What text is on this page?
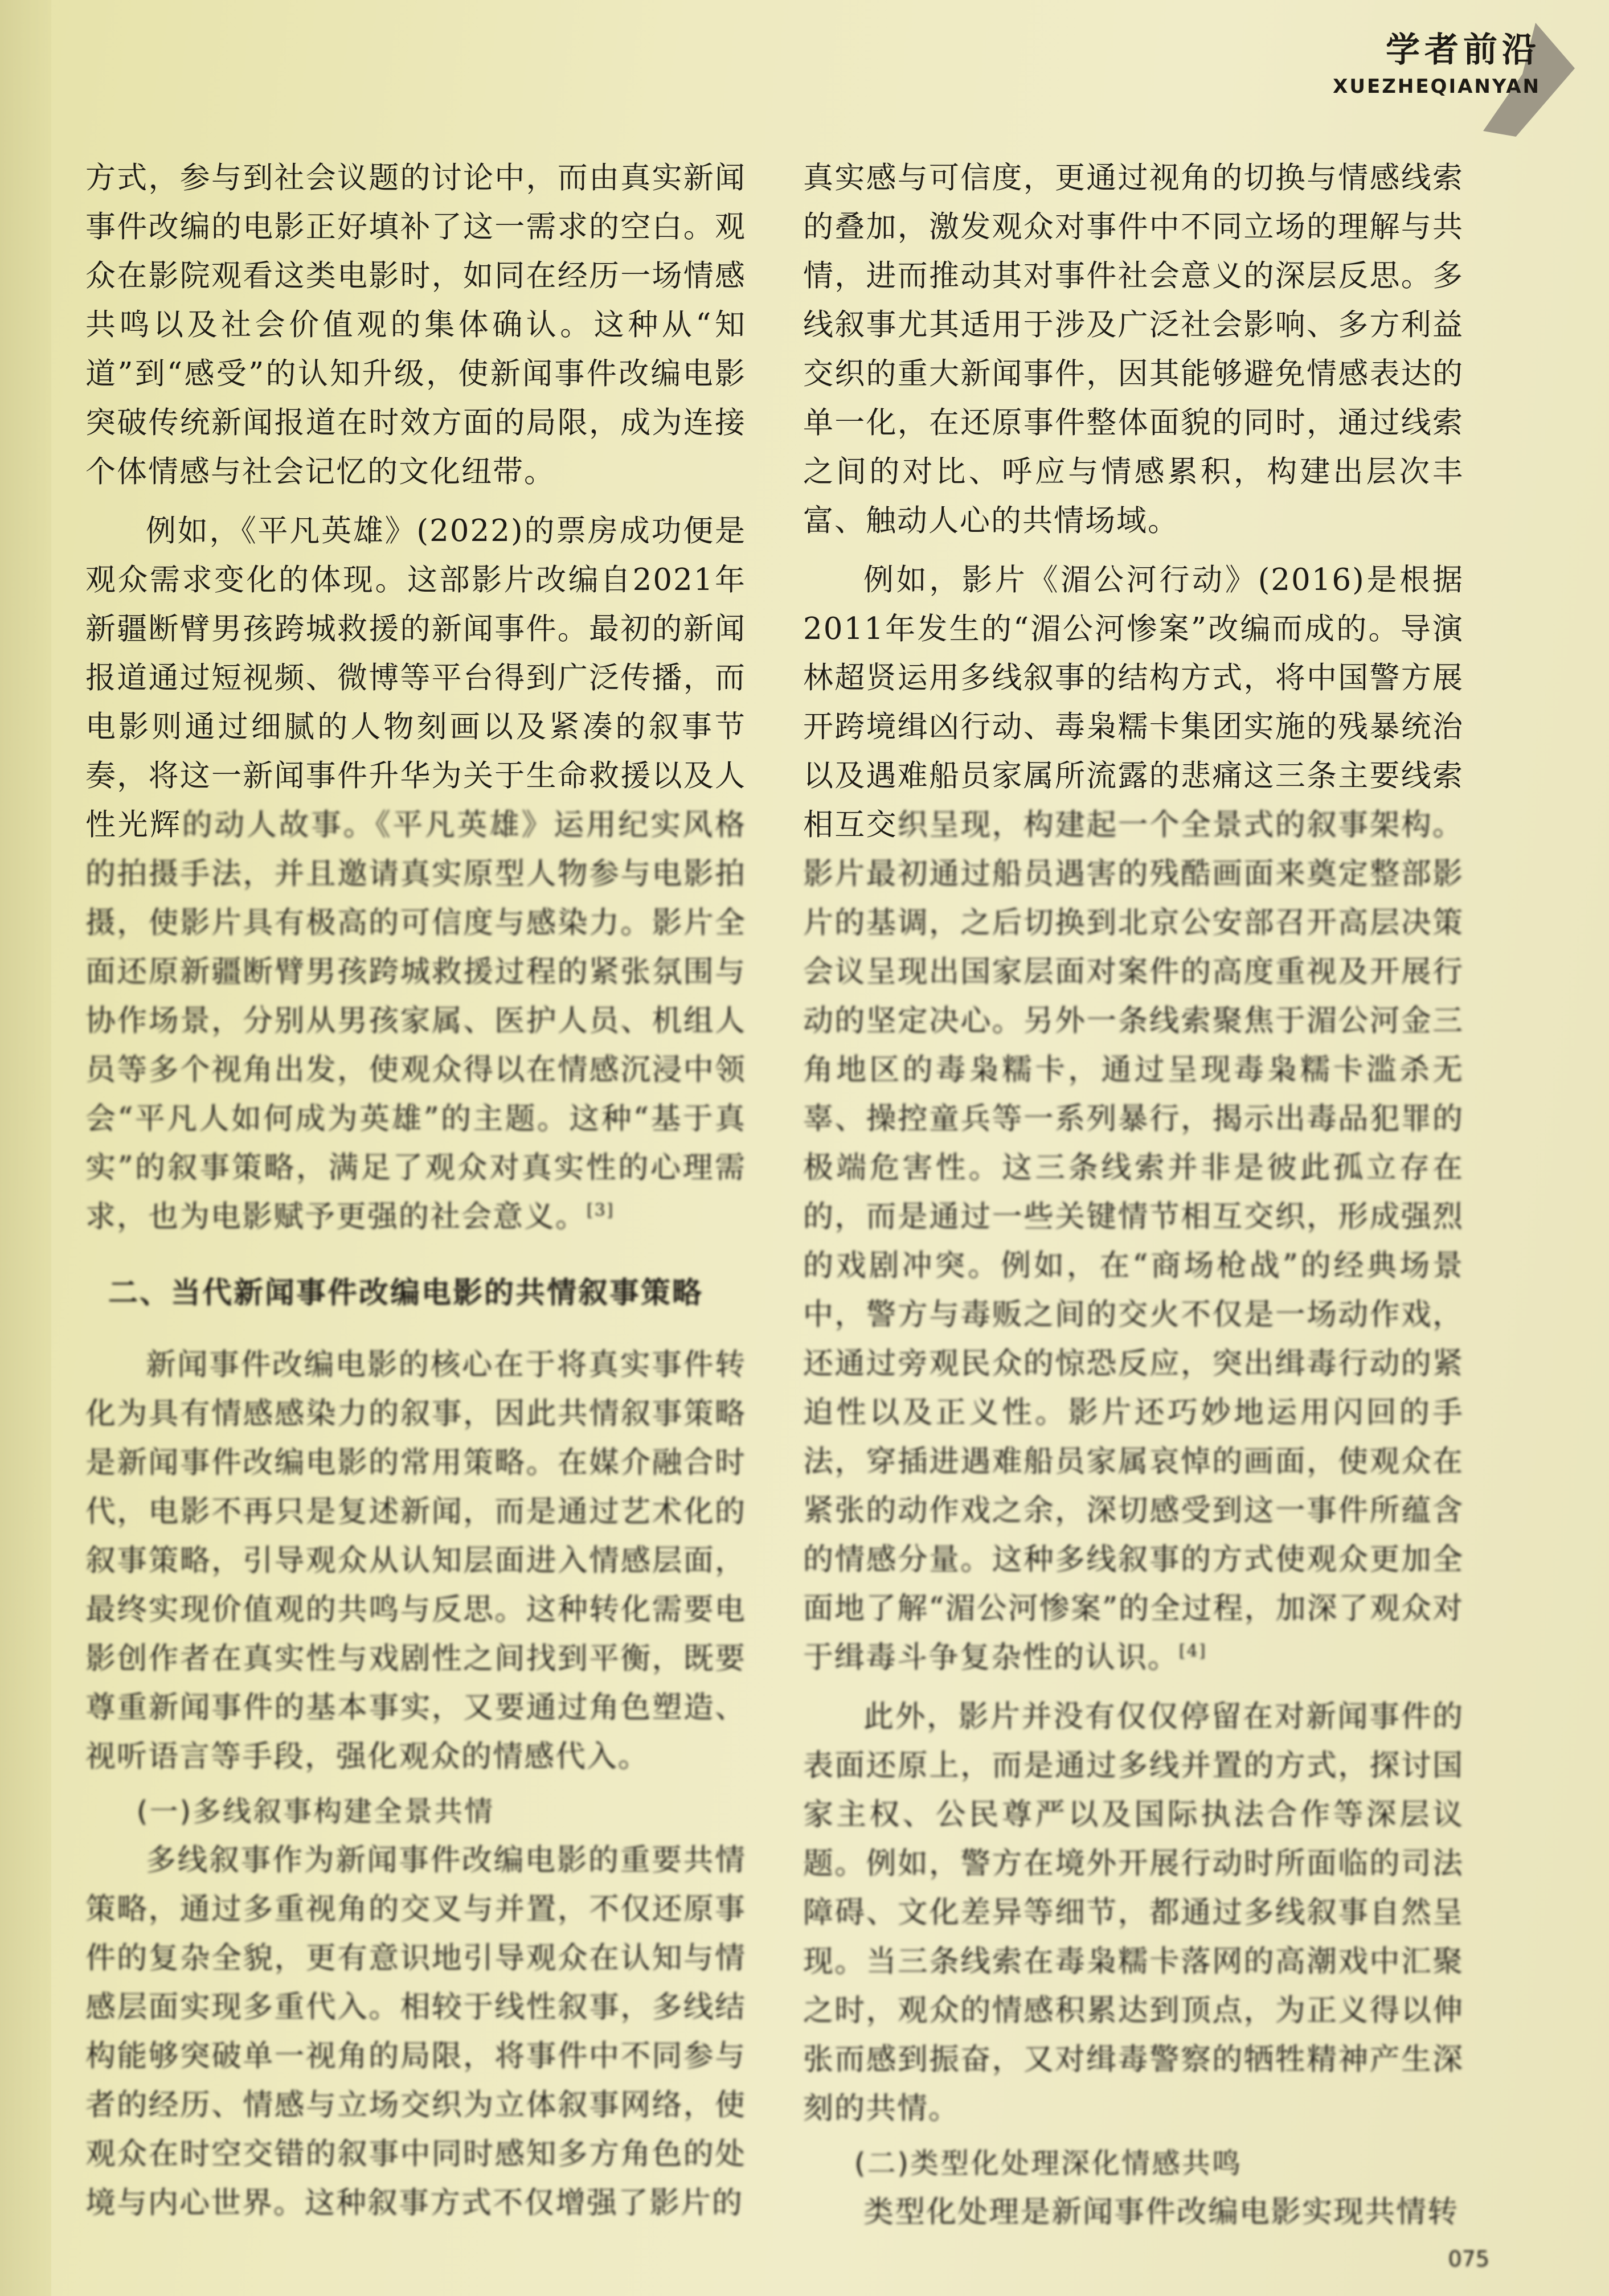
学者前沿
XUEZHEQIANYAN

方式，参与到社会议题的讨论中，而由真实新闻事件改编的电影正好填补了这一需求的空白。观众在影院观看这类电影时，如同在经历一场情感共鸣以及社会价值观的集体确认。这种从“知道”到“感受”的认知升级，使新闻事件改编电影突破传统新闻报道在时效方面的局限，成为连接个体情感与社会记忆的文化纽带。

例如，《平凡英雄》(2022)的票房成功便是观众需求变化的体现。这部影片改编自2021年新疆断臂男孩跨城救援的新闻事件。最初的新闻报道通过短视频、微博等平台得到广泛传播，而电影则通过细腻的人物刻画以及紧凑的叙事节奏，将这一新闻事件升华为关于生命救援以及人性光辉的动人故事。《平凡英雄》运用纪实风格的拍摄手法，并且邀请真实原型人物参与电影拍摄，使影片具有极高的可信度与感染力。影片全面还原新疆断臂男孩跨城救援过程的紧张氛围与协作场景，分别从男孩家属、医护人员、机组人员等多个视角出发，使观众得以在情感沉浸中领会“平凡人如何成为英雄”的主题。这种“基于真实”的叙事策略，满足了观众对真实性的心理需求，也为电影赋予更强的社会意义。[3]

二、当代新闻事件改编电影的共情叙事策略

新闻事件改编电影的核心在于将真实事件转化为具有情感感染力的叙事，因此共情叙事策略是新闻事件改编电影的常用策略。在媒介融合时代，电影不再只是复述新闻，而是通过艺术化的叙事策略，引导观众从认知层面进入情感层面，最终实现价值观的共鸣与反思。这种转化需要电影创作者在真实性与戏剧性之间找到平衡，既要尊重新闻事件的基本事实，又要通过角色塑造、视听语言等手段，强化观众的情感代入。

(一)多线叙事构建全景共情

多线叙事作为新闻事件改编电影的重要共情策略，通过多重视角的交叉与并置，不仅还原事件的复杂全貌，更有意识地引导观众在认知与情感层面实现多重代入。相较于线性叙事，多线结构能够突破单一视角的局限，将事件中不同参与者的经历、情感与立场交织为立体叙事网络，使观众在时空交错的叙事中同时感知多方角色的处境与内心世界。这种叙事方式不仅增强了影片的

真实感与可信度，更通过视角的切换与情感线索的叠加，激发观众对事件中不同立场的理解与共情，进而推动其对事件社会意义的深层反思。多线叙事尤其适用于涉及广泛社会影响、多方利益交织的重大新闻事件，因其能够避免情感表达的单一化，在还原事件整体面貌的同时，通过线索之间的对比、呼应与情感累积，构建出层次丰富、触动人心的共情场域。

例如，影片《湄公河行动》(2016)是根据2011年发生的“湄公河惨案”改编而成的。导演林超贤运用多线叙事的结构方式，将中国警方展开跨境缉凶行动、毒枭糯卡集团实施的残暴统治以及遇难船员家属所流露的悲痛这三条主要线索相互交织呈现，构建起一个全景式的叙事架构。影片最初通过船员遇害的残酷画面来奠定整部影片的基调，之后切换到北京公安部召开高层决策会议呈现出国家层面对案件的高度重视及开展行动的坚定决心。另外一条线索聚焦于湄公河金三角地区的毒枭糯卡，通过呈现毒枭糯卡滥杀无辜、操控童兵等一系列暴行，揭示出毒品犯罪的极端危害性。这三条线索并非是彼此孤立存在的，而是通过一些关键情节相互交织，形成强烈的戏剧冲突。例如，在“商场枪战”的经典场景中，警方与毒贩之间的交火不仅是一场动作戏，还通过旁观民众的惊恐反应，突出缉毒行动的紧迫性以及正义性。影片还巧妙地运用闪回的手法，穿插进遇难船员家属哀悼的画面，使观众在紧张的动作戏之余，深切感受到这一事件所蕴含的情感分量。这种多线叙事的方式使观众更加全面地了解“湄公河惨案”的全过程，加深了观众对于缉毒斗争复杂性的认识。[4]

此外，影片并没有仅仅停留在对新闻事件的表面还原上，而是通过多线并置的方式，探讨国家主权、公民尊严以及国际执法合作等深层议题。例如，警方在境外开展行动时所面临的司法障碍、文化差异等细节，都通过多线叙事自然呈现。当三条线索在毒枭糯卡落网的高潮戏中汇聚之时，观众的情感积累达到顶点，为正义得以伸张而感到振奋，又对缉毒警察的牺牲精神产生深刻的共情。

(二)类型化处理深化情感共鸣

类型化处理是新闻事件改编电影实现共情转

075
